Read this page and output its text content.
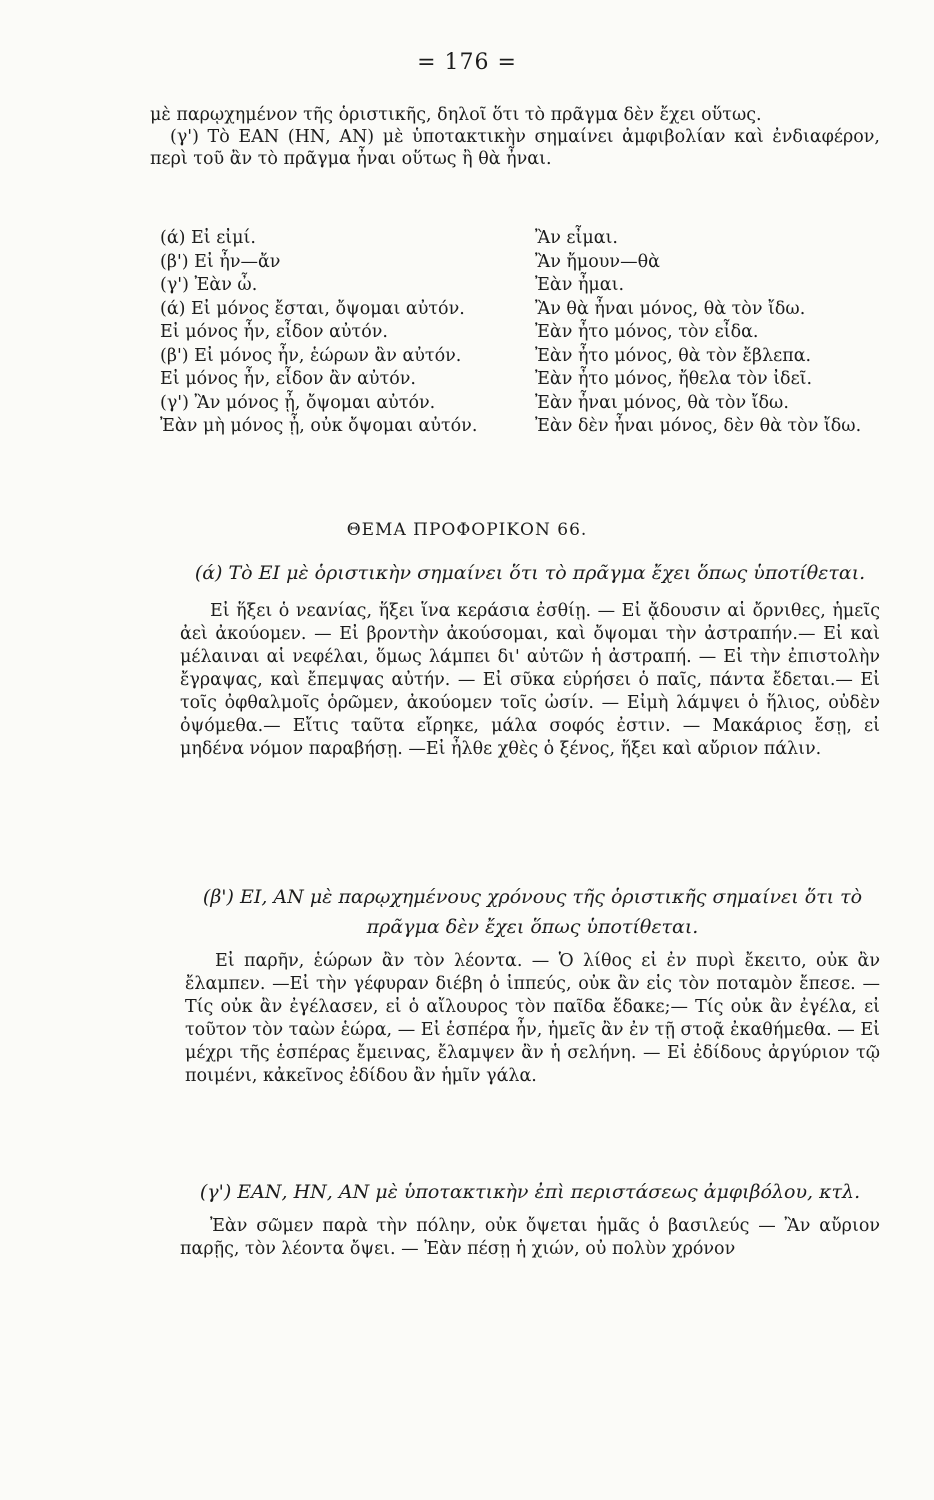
= 176 =

μὲ παρῳχημένον τῆς ὁριστικῆς, δηλοῖ ὅτι τὸ πρᾶγμα δὲν ἔχει οὕτως.

(γ') Τὸ ΕΑΝ (ΗΝ, ΑΝ) μὲ ὑποτακτικὴν σημαίνει ἀμφιβολίαν καὶ ἐνδιαφέρον, περὶ τοῦ ἂν τὸ πρᾶγμα ἦναι οὕτως ἢ θὰ ἦναι.

(ά) Εἰ εἰμί.	Ἂν εἶμαι.
(β') Εἰ ἦν—ἄν	Ἂν ἤμουν—θὰ
(γ') Ἐὰν ὦ.	Ἐὰν ἦμαι.
(ά) Εἰ μόνος ἔσται, ὄψομαι αὐτόν.	Ἂν θὰ ἦναι μόνος, θὰ τὸν ἴδω.
Εἰ μόνος ἦν, εἶδον αὐτόν.	Ἐὰν ἦτο μόνος, τὸν εἶδα.
(β') Εἰ μόνος ἦν, ἑώρων ἂν αὐτόν.	Ἐὰν ἦτο μόνος, θὰ τὸν ἔβλεπα.
Εἰ μόνος ἦν, εἶδον ἂν αὐτόν.	Ἐὰν ἦτο μόνος, ἤθελα τὸν ἰδεῖ.
(γ') Ἂν μόνος ᾖ, ὄψομαι αὐτόν.	Ἐὰν ἦναι μόνος, θὰ τὸν ἴδω.
Ἐὰν μὴ μόνος ᾖ, οὐκ ὄψομαι αὐτόν.	Ἐὰν δὲν ἦναι μόνος, δὲν θὰ τὸν ἴδω.
ΘΕΜΑ ΠΡΟΦΟΡΙΚΟΝ 66.

(ά) Τὸ ΕΙ μὲ ὁριστικὴν σημαίνει ὅτι τὸ πρᾶγμα ἔχει ὅπως ὑποτίθεται.

Εἰ ἥξει ὁ νεανίας, ἥξει ἵνα κεράσια ἐσθίῃ. — Εἰ ᾄδουσιν αἱ ὄρνιθες, ἡμεῖς ἀεὶ ἀκούομεν. — Εἰ βροντὴν ἀκούσομαι, καὶ ὄψομαι τὴν ἀστραπήν.— Εἰ καὶ μέλαιναι αἱ νεφέλαι, ὅμως λάμπει δι' αὐτῶν ἡ ἀστραπή. — Εἰ τὴν ἐπιστολὴν ἔγραψας, καὶ ἔπεμψας αὐτήν. — Εἰ σῦκα εὑρήσει ὁ παῖς, πάντα ἔδεται.— Εἰ τοῖς ὀφθαλμοῖς ὁρῶμεν, ἀκούομεν τοῖς ὠσίν. — Εἰμὴ λάμψει ὁ ἥλιος, οὐδὲν ὀψόμεθα.— Εἴτις ταῦτα εἴρηκε, μάλα σοφός ἐστιν. — Μακάριος ἔσῃ, εἰ μηδένα νόμον παραβήσῃ. —Εἰ ἦλθε χθὲς ὁ ξένος, ἥξει καὶ αὔριον πάλιν.

(β') ΕΙ, ΑΝ μὲ παρῳχημένους χρόνους τῆς ὁριστικῆς σημαίνει ὅτι τὸ πρᾶγμα δὲν ἔχει ὅπως ὑποτίθεται.

Εἰ παρῆν, ἑώρων ἂν τὸν λέοντα. — Ὁ λίθος εἰ ἐν πυρὶ ἔκειτο, οὐκ ἂν ἔλαμπεν. —Εἰ τὴν γέφυραν διέβη ὁ ἱππεύς, οὐκ ἂν εἰς τὸν ποταμὸν ἔπεσε. —Τίς οὐκ ἂν ἐγέλασεν, εἰ ὁ αἴλουρος τὸν παῖδα ἔδακε;— Τίς οὐκ ἂν ἐγέλα, εἰ τοῦτον τὸν ταὼν ἑώρα, — Εἰ ἑσπέρα ἦν, ἡμεῖς ἂν ἐν τῇ στοᾷ ἐκαθήμεθα. — Εἰ μέχρι τῆς ἑσπέρας ἔμεινας, ἔλαμψεν ἂν ἡ σελήνη. — Εἰ ἐδίδους ἀργύριον τῷ ποιμένι, κἀκεῖνος ἐδίδου ἂν ἡμῖν γάλα.

(γ') ΕΑΝ, ΗΝ, ΑΝ μὲ ὑποτακτικὴν ἐπὶ περιστάσεως ἀμφιβόλου, κτλ.

Ἐὰν σῶμεν παρὰ τὴν πόλην, οὐκ ὄψεται ἡμᾶς ὁ βασιλεύς — Ἂν αὔριον παρῇς, τὸν λέοντα ὄψει. — Ἐὰν πέσῃ ἡ χιών, οὐ πολὺν χρόνον
